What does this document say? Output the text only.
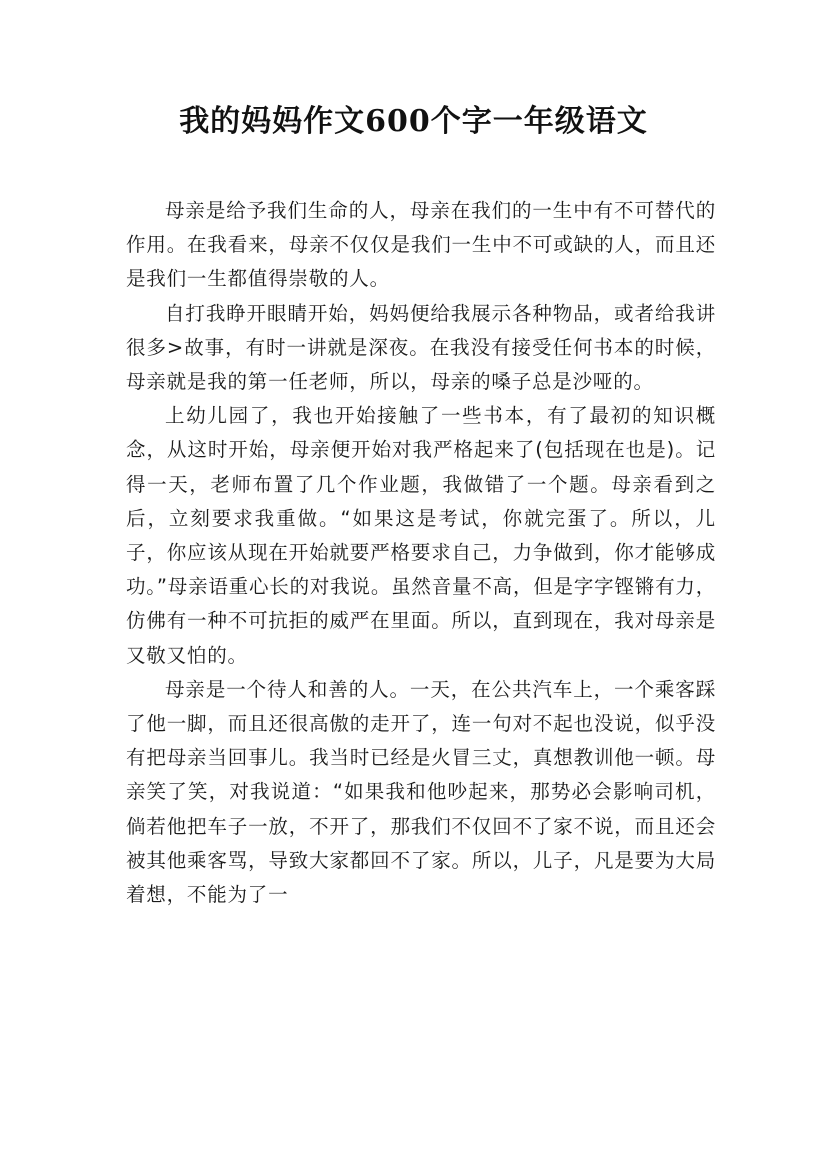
我的妈妈作文600个字一年级语文

母亲是给予我们生命的人，母亲在我们的一生中有不可替代的作用。在我看来，母亲不仅仅是我们一生中不可或缺的人，而且还是我们一生都值得崇敬的人。

自打我睁开眼睛开始，妈妈便给我展示各种物品，或者给我讲很多>故事，有时一讲就是深夜。在我没有接受任何书本的时候，母亲就是我的第一任老师，所以，母亲的嗓子总是沙哑的。

上幼儿园了，我也开始接触了一些书本，有了最初的知识概念，从这时开始，母亲便开始对我严格起来了(包括现在也是)。记得一天，老师布置了几个作业题，我做错了一个题。母亲看到之后，立刻要求我重做。“如果这是考试，你就完蛋了。所以，儿子，你应该从现在开始就要严格要求自己，力争做到，你才能够成功。”母亲语重心长的对我说。虽然音量不高，但是字字铿锵有力，仿佛有一种不可抗拒的威严在里面。所以，直到现在，我对母亲是又敬又怕的。

母亲是一个待人和善的人。一天，在公共汽车上，一个乘客踩了他一脚，而且还很高傲的走开了，连一句对不起也没说，似乎没有把母亲当回事儿。我当时已经是火冒三丈，真想教训他一顿。母亲笑了笑，对我说道：“如果我和他吵起来，那势必会影响司机，倘若他把车子一放，不开了，那我们不仅回不了家不说，而且还会被其他乘客骂，导致大家都回不了家。所以，儿子，凡是要为大局着想，不能为了一
